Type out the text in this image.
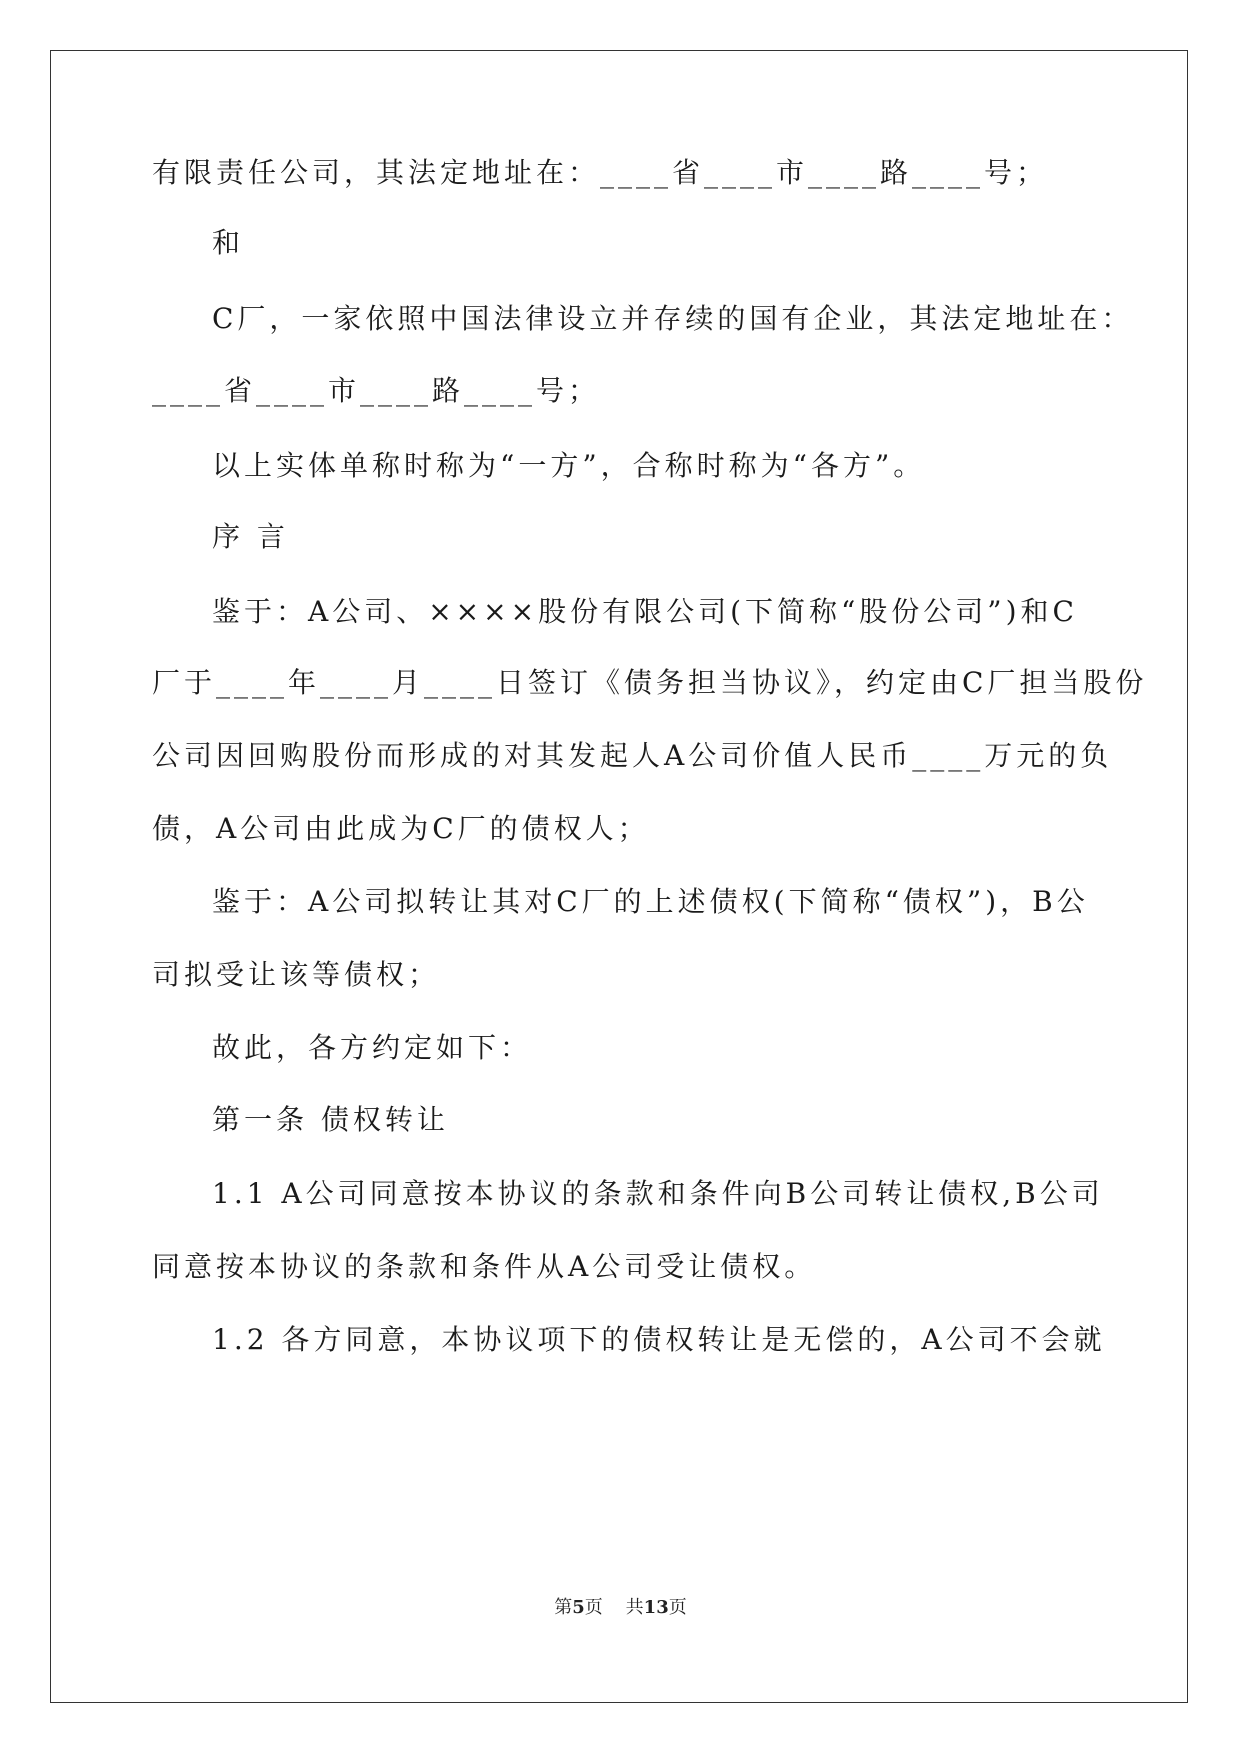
有限责任公司，其法定地址在：____省____市____路____号；
和
C厂，一家依照中国法律设立并存续的国有企业，其法定地址在：
____省____市____路____号；
以上实体单称时称为“一方”，合称时称为“各方”。
序 言
鉴于：A公司、××××股份有限公司(下简称“股份公司”)和C
厂于____年____月____日签订《债务担当协议》，约定由C厂担当股份
公司因回购股份而形成的对其发起人A公司价值人民币____万元的负
债，A公司由此成为C厂的债权人；
鉴于：A公司拟转让其对C厂的上述债权(下简称“债权”)，B公
司拟受让该等债权；
故此，各方约定如下：
第一条 债权转让
1.1 A公司同意按本协议的条款和条件向B公司转让债权,B公司
同意按本协议的条款和条件从A公司受让债权。
1.2 各方同意，本协议项下的债权转让是无偿的，A公司不会就
第5页 共13页
